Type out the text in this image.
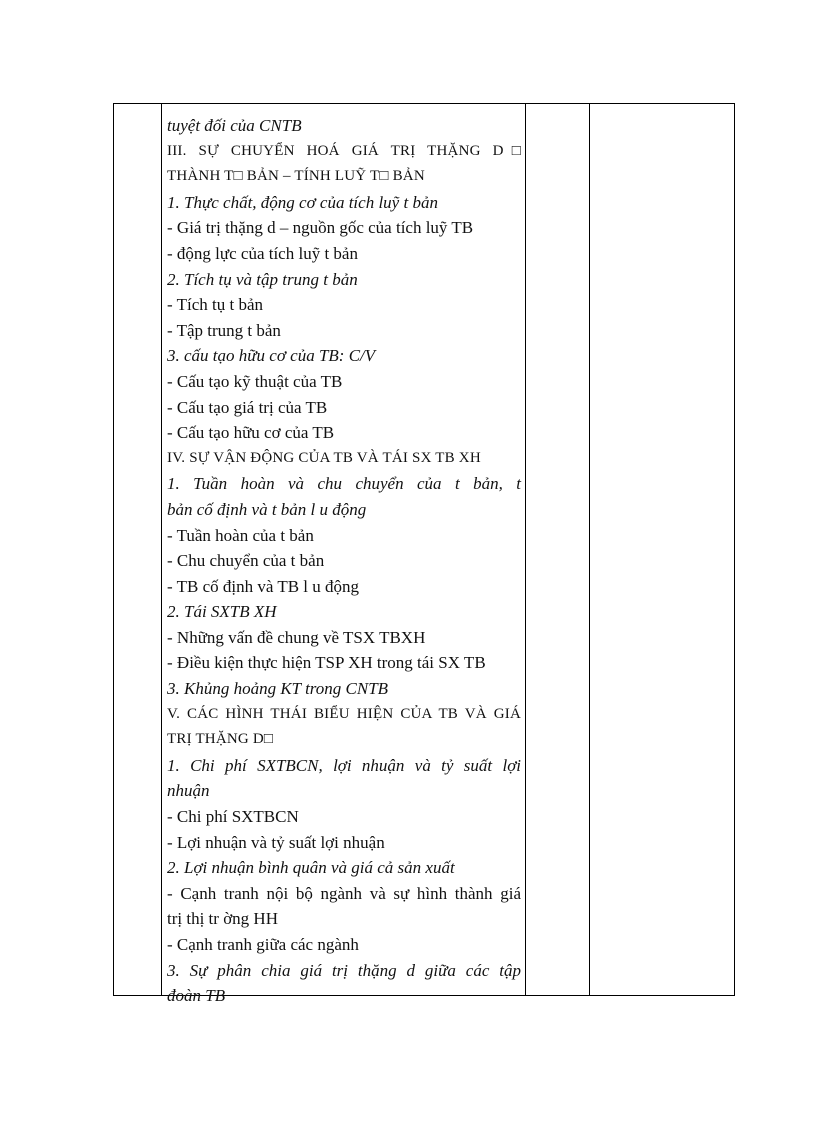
tuyệt đối của CNTB
III. SỰ CHUYỂN HOÁ GIÁ TRỊ THẶNG D□
THÀNH T□ BẢN – TÍNH LUỸ T□ BẢN
1. Thực chất, động cơ của tích luỹ t bản
- Giá trị thặng d – nguồn gốc của tích luỹ TB
- động lực của tích luỹ t bản
2. Tích tụ và tập trung t bản
- Tích tụ t bản
- Tập trung t bản
3. cấu tạo hữu cơ của TB: C/V
- Cấu tạo kỹ thuật của TB
- Cấu tạo giá trị của TB
- Cấu tạo hữu cơ của TB
IV. SỰ VẬN ĐỘNG CỦA TB VÀ TÁI SX TB XH
1. Tuần hoàn và chu chuyển của t bản, t
bản cố định và t bản l u động
- Tuần hoàn của t bản
- Chu chuyển của t bản
- TB cố định và TB l u động
2. Tái SXTB XH
- Những vấn đề chung về TSX TBXH
- Điều kiện thực hiện TSP XH trong tái SX TB
3. Khủng hoảng KT trong CNTB
V. CÁC HÌNH THÁI BIỂU HIỆN CỦA TB VÀ GIÁ
TRỊ THẶNG D□
1. Chi phí SXTBCN, lợi nhuận và tỷ suất lợi
nhuận
- Chi phí SXTBCN
- Lợi nhuận và tỷ suất lợi nhuận
2. Lợi nhuận bình quân và giá cả sản xuất
- Cạnh tranh nội bộ ngành và sự hình thành giá
trị thị tr ờng HH
- Cạnh tranh giữa các ngành
3. Sự phân chia giá trị thặng d giữa các tập
đoàn TB
